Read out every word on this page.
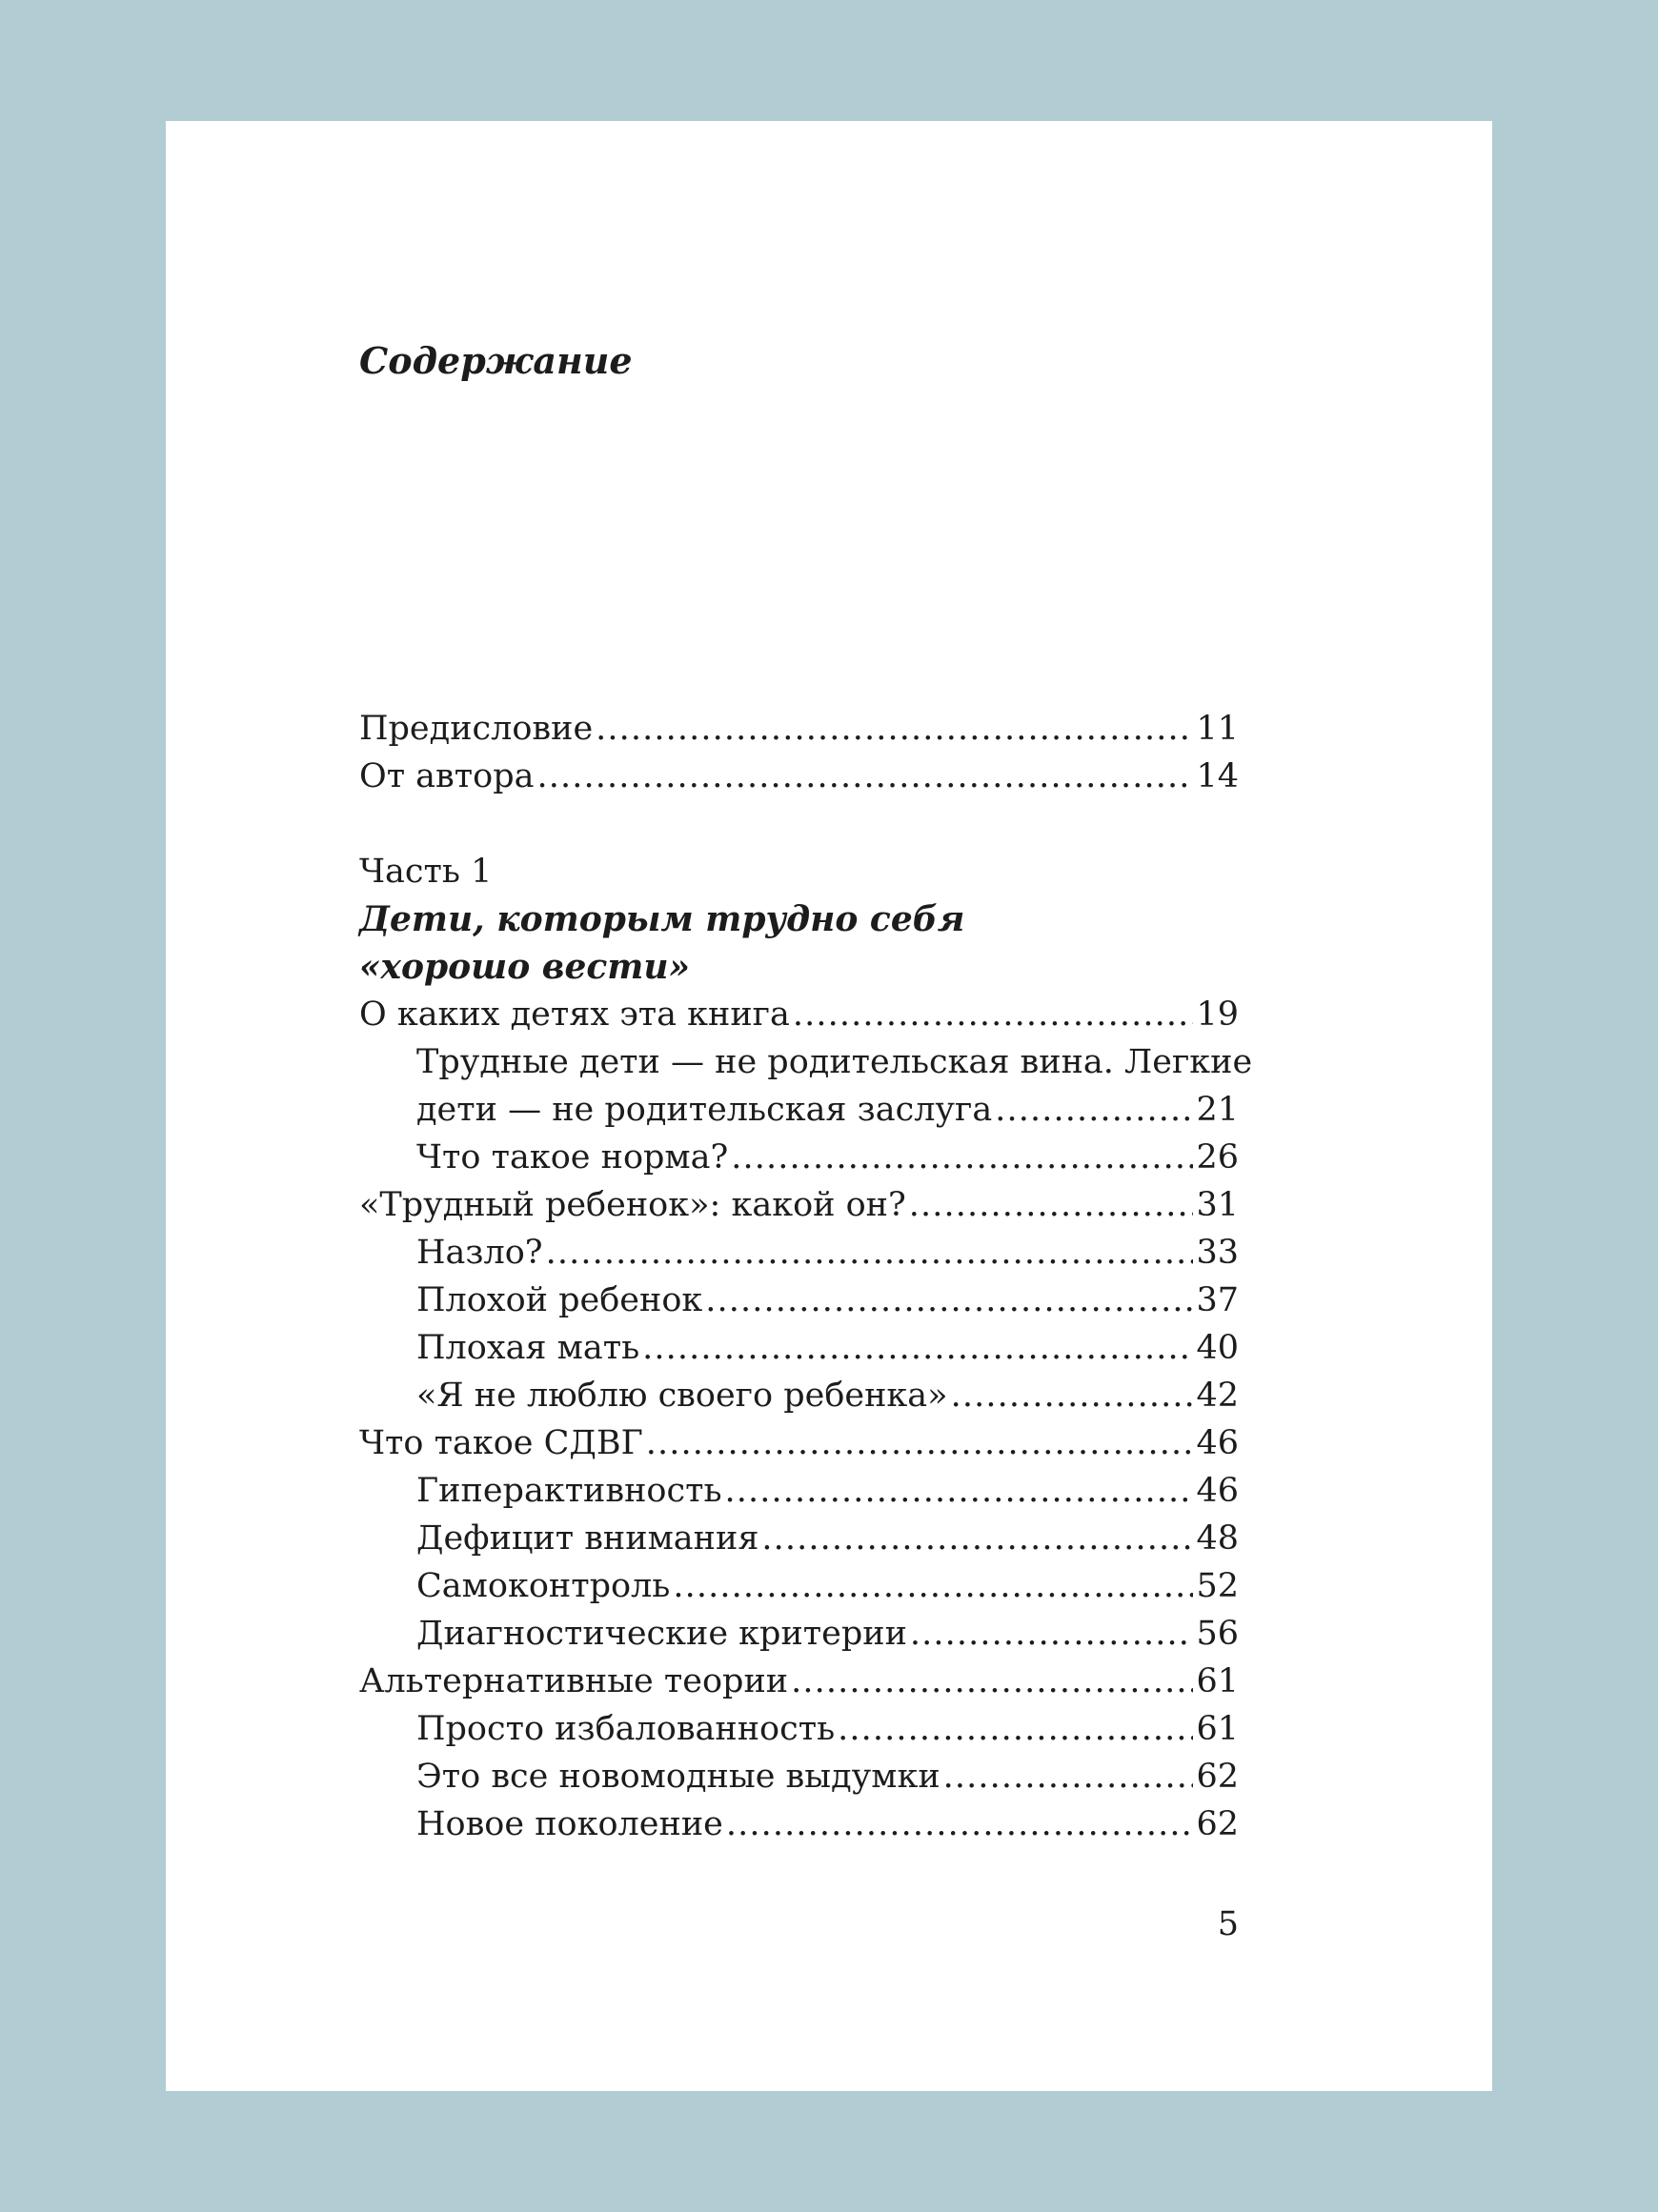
Содержание
Предисловие . . .	11
От автора . . .	14
Часть 1
Дети, которым трудно себя
«хорошо вести»
О каких детях эта книга . . .	19
Трудные дети — не родительская вина. Легкие
дети — не родительская заслуга . . .	21
Что такое норма? . . .	26
«Трудный ребенок»: какой он? . . .	31
Назло? . . .	33
Плохой ребенок . . .	37
Плохая мать . . .	40
«Я не люблю своего ребенка» . . .	42
Что такое СДВГ . . .	46
Гиперактивность . . .	46
Дефицит внимания . . .	48
Самоконтроль . . .	52
Диагностические критерии . . .	56
Альтернативные теории . . .	61
Просто избалованность . . .	61
Это все новомодные выдумки . . .	62
Новое поколение . . .	62
5
